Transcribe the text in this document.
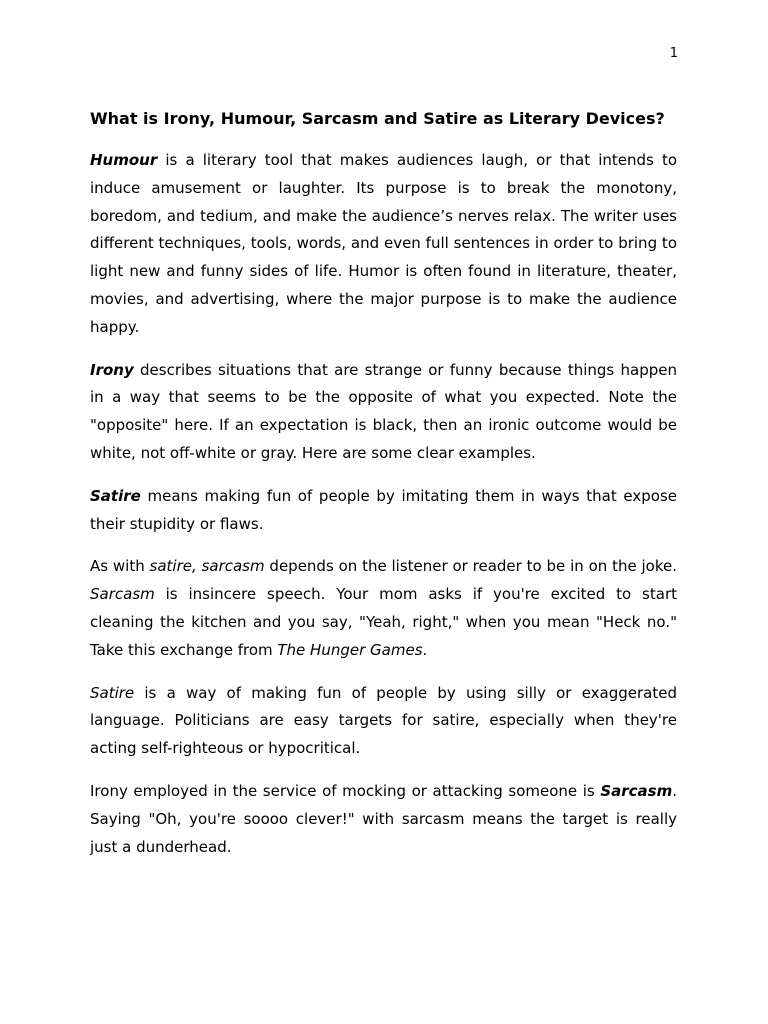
1
What is Irony, Humour, Sarcasm and Satire as Literary Devices?

Humour is a literary tool that makes audiences laugh, or that intends to induce amusement or laughter. Its purpose is to break the monotony, boredom, and tedium, and make the audience’s nerves relax. The writer uses different techniques, tools, words, and even full sentences in order to bring to light new and funny sides of life. Humor is often found in literature, theater, movies, and advertising, where the major purpose is to make the audience happy.

Irony describes situations that are strange or funny because things happen in a way that seems to be the opposite of what you expected. Note the "opposite" here. If an expectation is black, then an ironic outcome would be white, not off-white or gray. Here are some clear examples.

Satire means making fun of people by imitating them in ways that expose their stupidity or flaws.

As with satire, sarcasm depends on the listener or reader to be in on the joke. Sarcasm is insincere speech. Your mom asks if you're excited to start cleaning the kitchen and you say, "Yeah, right," when you mean "Heck no." Take this exchange from The Hunger Games.

Satire is a way of making fun of people by using silly or exaggerated language. Politicians are easy targets for satire, especially when they're acting self-righteous or hypocritical.

Irony employed in the service of mocking or attacking someone is Sarcasm. Saying "Oh, you're soooo clever!" with sarcasm means the target is really just a dunderhead.
